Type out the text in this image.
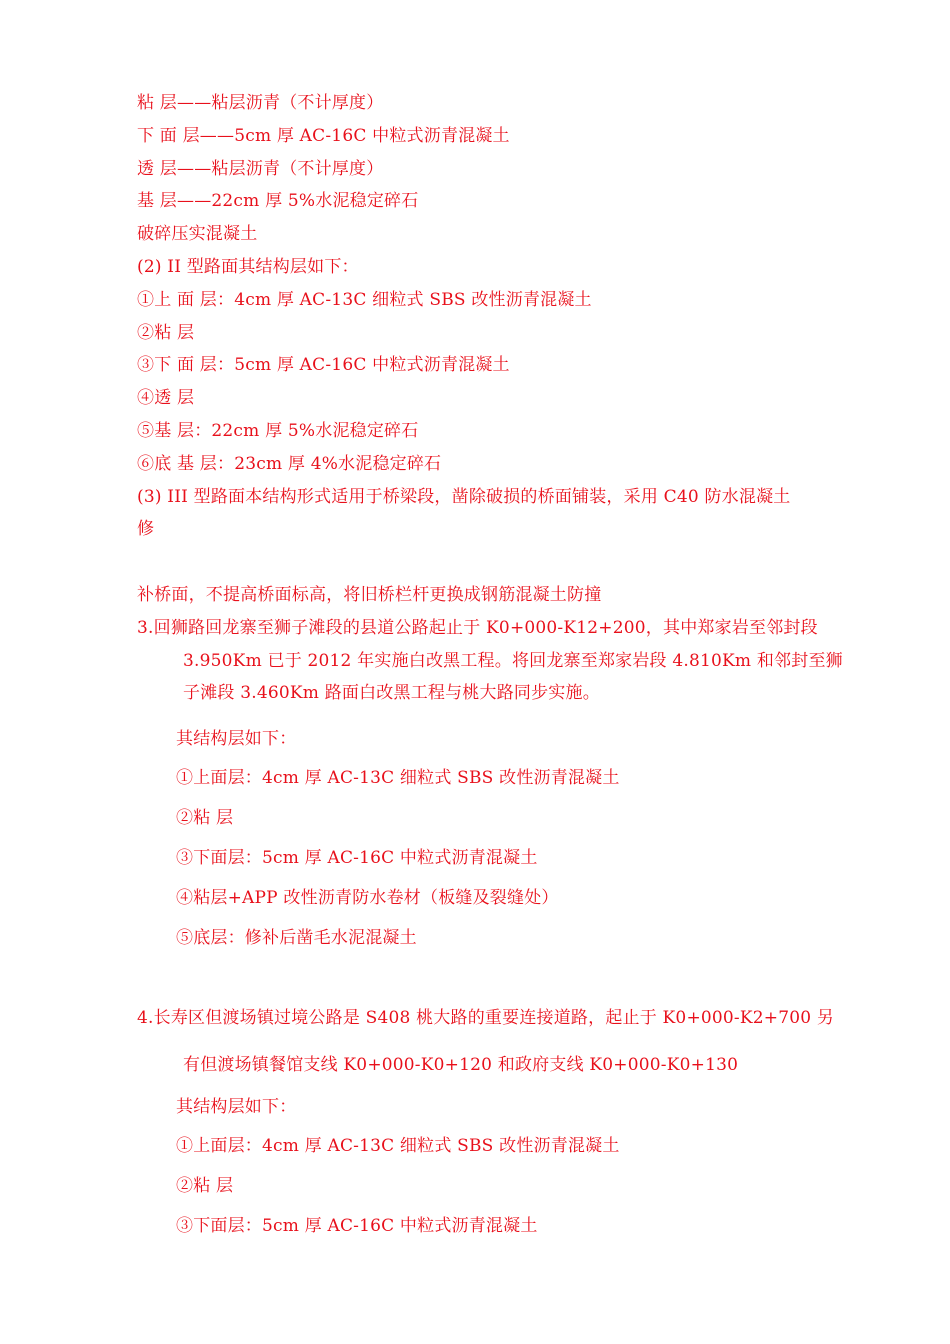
粘 层——粘层沥青（不计厚度）
下 面 层——5cm 厚 AC-16C 中粒式沥青混凝土
透 层——粘层沥青（不计厚度）
基 层——22cm 厚 5%水泥稳定碎石
破碎压实混凝土
(2) II 型路面其结构层如下：
①上 面 层：4cm 厚 AC-13C 细粒式 SBS 改性沥青混凝土
②粘 层
③下 面 层：5cm 厚 AC-16C 中粒式沥青混凝土
④透 层
⑤基 层：22cm 厚 5%水泥稳定碎石
⑥底 基 层：23cm 厚 4%水泥稳定碎石
(3) III 型路面本结构形式适用于桥梁段，凿除破损的桥面铺装，采用 C40 防水混凝土
修
补桥面，不提高桥面标高，将旧桥栏杆更换成钢筋混凝土防撞
3.回狮路回龙寨至狮子滩段的县道公路起止于 K0+000-K12+200，其中郑家岩至邻封段
3.950Km 已于 2012 年实施白改黑工程。将回龙寨至郑家岩段 4.810Km 和邻封至狮
子滩段 3.460Km 路面白改黑工程与桃大路同步实施。
其结构层如下：
①上面层：4cm 厚 AC-13C 细粒式 SBS 改性沥青混凝土
②粘 层
③下面层：5cm 厚 AC-16C 中粒式沥青混凝土
④粘层+APP 改性沥青防水卷材（板缝及裂缝处）
⑤底层：修补后凿毛水泥混凝土
4.长寿区但渡场镇过境公路是 S408 桃大路的重要连接道路，起止于 K0+000-K2+700 另
有但渡场镇餐馆支线 K0+000-K0+120 和政府支线 K0+000-K0+130
其结构层如下：
①上面层：4cm 厚 AC-13C 细粒式 SBS 改性沥青混凝土
②粘 层
③下面层：5cm 厚 AC-16C 中粒式沥青混凝土
